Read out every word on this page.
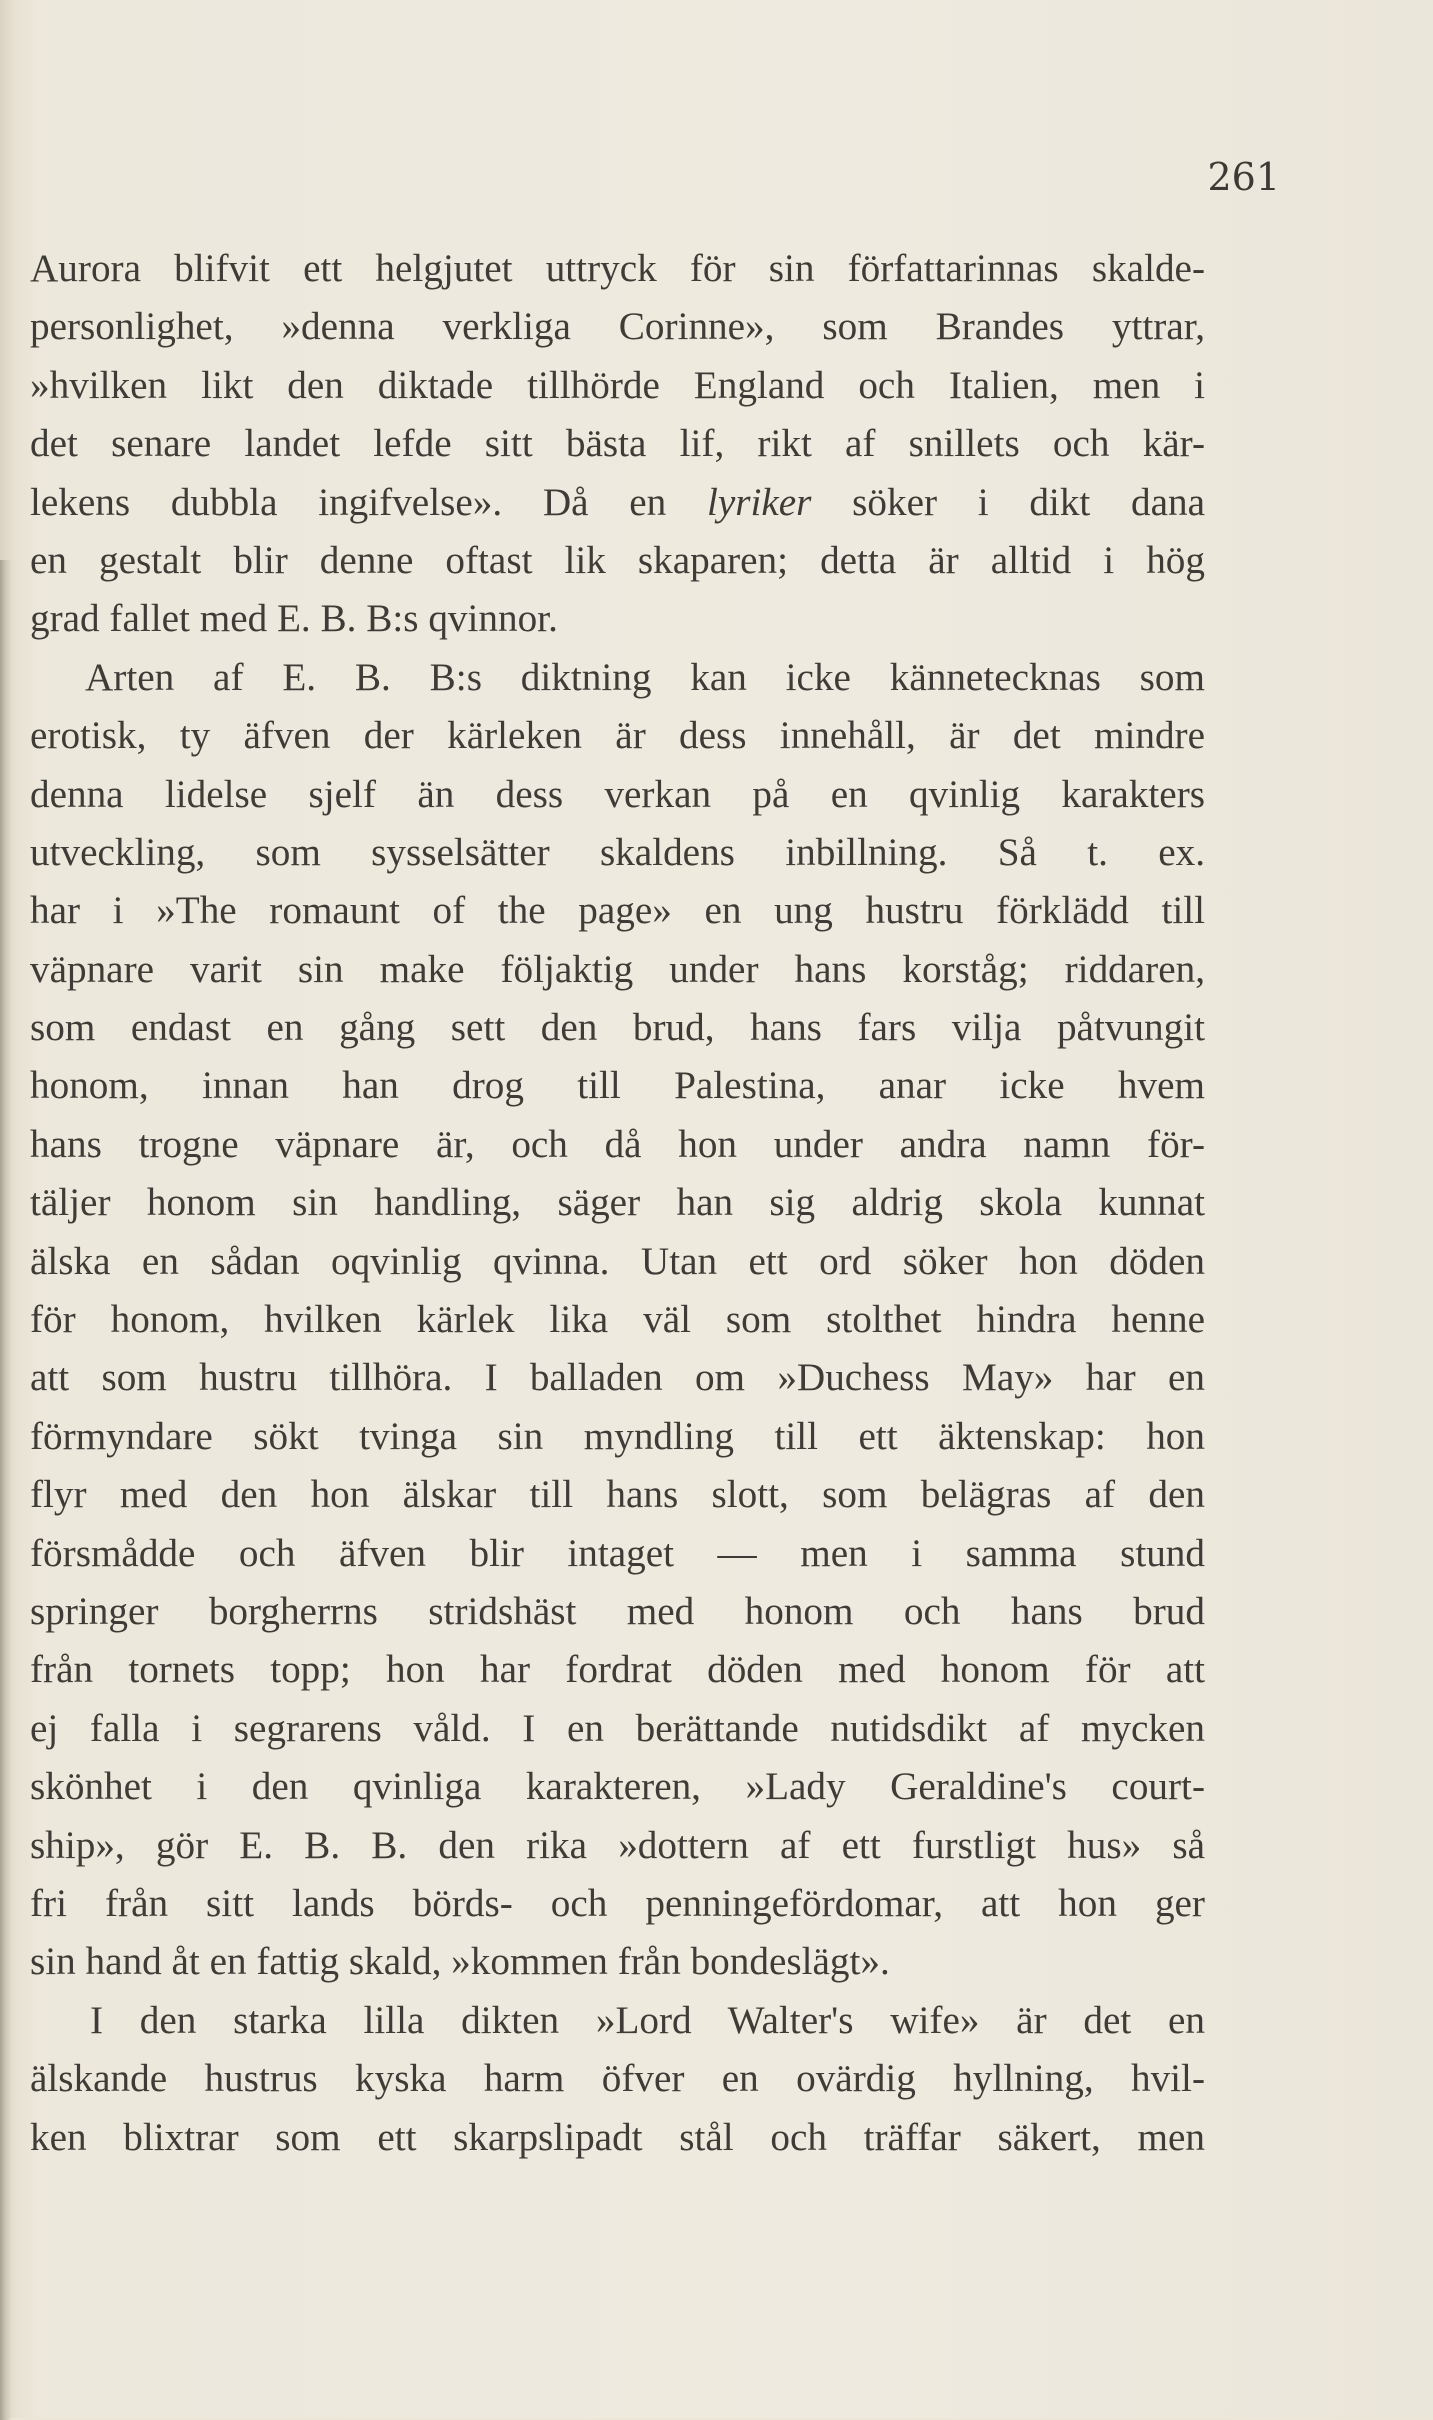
261
Aurora blifvit ett helgjutet uttryck för sin författarinnas skalde-
personlighet, »denna verkliga Corinne», som Brandes yttrar,
»hvilken likt den diktade tillhörde England och Italien, men i
det senare landet lefde sitt bästa lif, rikt af snillets och kär-
lekens dubbla ingifvelse». Då en lyriker söker i dikt dana
en gestalt blir denne oftast lik skaparen; detta är alltid i hög
grad fallet med E. B. B:s qvinnor.
Arten af E. B. B:s diktning kan icke kännetecknas som
erotisk, ty äfven der kärleken är dess innehåll, är det mindre
denna lidelse sjelf än dess verkan på en qvinlig karakters
utveckling, som sysselsätter skaldens inbillning. Så t. ex.
har i »The romaunt of the page» en ung hustru förklädd till
väpnare varit sin make följaktig under hans korståg; riddaren,
som endast en gång sett den brud, hans fars vilja påtvungit
honom, innan han drog till Palestina, anar icke hvem
hans trogne väpnare är, och då hon under andra namn för-
täljer honom sin handling, säger han sig aldrig skola kunnat
älska en sådan oqvinlig qvinna. Utan ett ord söker hon döden
för honom, hvilken kärlek lika väl som stolthet hindra henne
att som hustru tillhöra. I balladen om »Duchess May» har en
förmyndare sökt tvinga sin myndling till ett äktenskap: hon
flyr med den hon älskar till hans slott, som belägras af den
försmådde och äfven blir intaget — men i samma stund
springer borgherrns stridshäst med honom och hans brud
från tornets topp; hon har fordrat döden med honom för att
ej falla i segrarens våld. I en berättande nutidsdikt af mycken
skönhet i den qvinliga karakteren, »Lady Geraldine's court-
ship», gör E. B. B. den rika »dottern af ett furstligt hus» så
fri från sitt lands börds- och penningefördomar, att hon ger
sin hand åt en fattig skald, »kommen från bondeslägt».
I den starka lilla dikten »Lord Walter's wife» är det en
älskande hustrus kyska harm öfver en ovärdig hyllning, hvil-
ken blixtrar som ett skarpslipadt stål och träffar säkert, men
